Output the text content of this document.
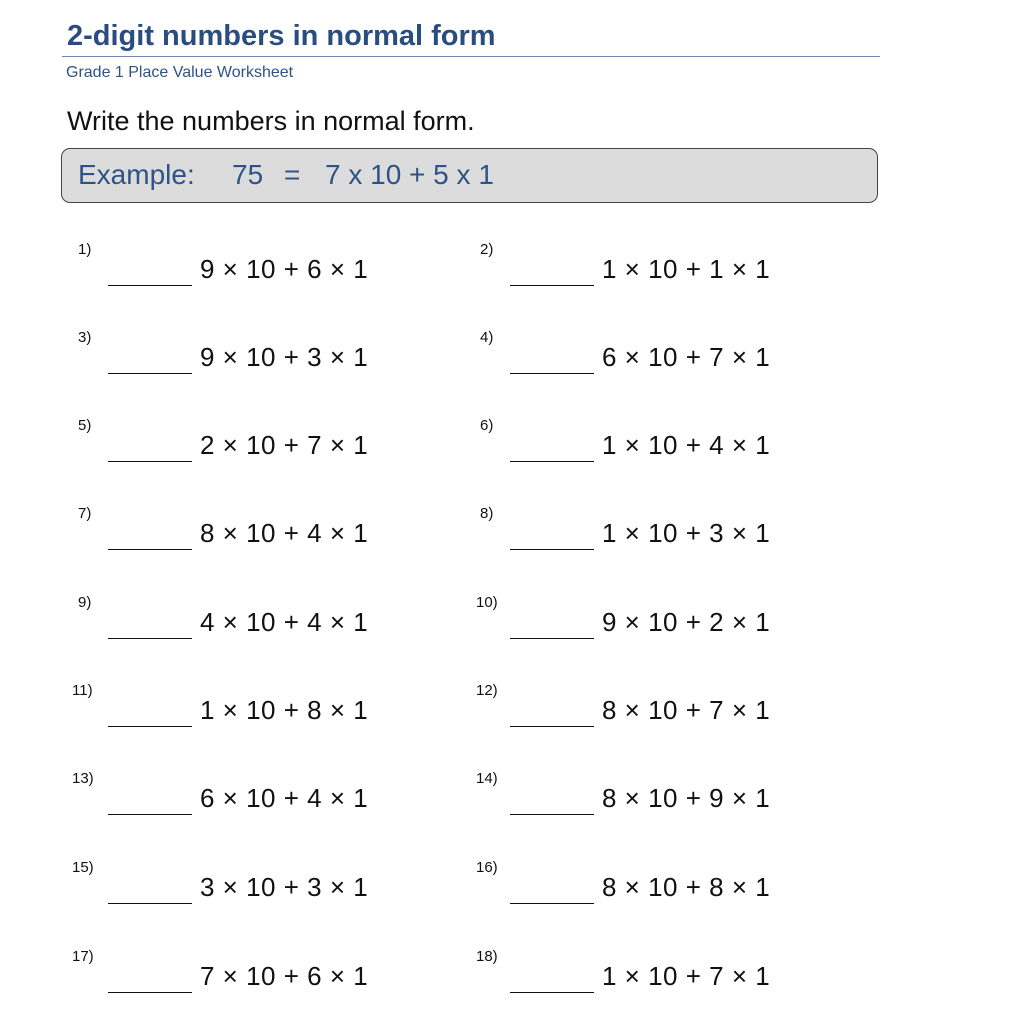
2-digit numbers in normal form
Grade 1 Place Value Worksheet
Write the numbers in normal form.
Example: 75 = 7 x 10 + 5 x 1
1)
9 × 10 + 6 × 1
2)
1 × 10 + 1 × 1
3)
9 × 10 + 3 × 1
4)
6 × 10 + 7 × 1
5)
2 × 10 + 7 × 1
6)
1 × 10 + 4 × 1
7)
8 × 10 + 4 × 1
8)
1 × 10 + 3 × 1
9)
4 × 10 + 4 × 1
10)
9 × 10 + 2 × 1
11)
1 × 10 + 8 × 1
12)
8 × 10 + 7 × 1
13)
6 × 10 + 4 × 1
14)
8 × 10 + 9 × 1
15)
3 × 10 + 3 × 1
16)
8 × 10 + 8 × 1
17)
7 × 10 + 6 × 1
18)
1 × 10 + 7 × 1
